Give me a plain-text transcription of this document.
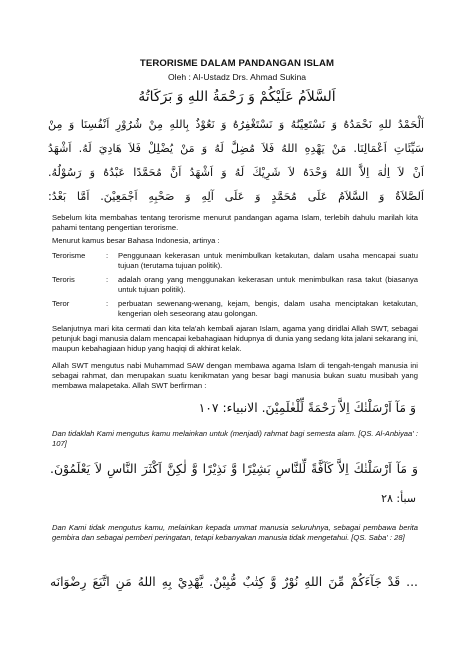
TERORISME DALAM PANDANGAN ISLAM
Oleh : Al-Ustadz Drs. Ahmad Sukina
اَلسَّلاَمُ عَلَيْكُمْ وَ رَحْمَةُ اللهِ وَ بَرَكَاتُهُ
اَلْحَمْدُ للهِ نَحْمَدُهُ وَ نَسْتَعِيْنُهُ وَ نَسْتَغْفِرُهُ وَ نَعُوْذُ بِاللهِ مِنْ شُرُوْرِ اَنْفُسِنَا وَ مِنْ
سَيِّئَاتِ اَعْمَالِنَا. مَنْ يَهْدِهِ اللهُ فَلاَ مُضِلَّ لَهُ وَ مَنْ يُضْلِلْ فَلاَ هَادِيَ لَهُ. اَشْهَدُ
اَنْ لاَ اِلٰهَ اِلاَّ اللهُ وَحْدَهُ لاَ شَرِيْكَ لَهُ وَ اَشْهَدُ اَنَّ مُحَمَّدًا عَبْدُهُ وَ رَسُوْلُهُ.
اَلصَّلاَةُ وَ السَّلاَمُ عَلَى مُحَمَّدٍ وَ عَلَى آلِهِ وَ صَحْبِهِ اَجْمَعِيْنَ. اَمَّا بَعْدُ:

Sebelum kita membahas tentang terorisme menurut pandangan agama Islam, terlebih dahulu marilah kita pahami tentang pengertian terorisme.

Menurut kamus besar Bahasa Indonesia, artinya :

Terorisme	:	Penggunaan kekerasan untuk menimbulkan ketakutan, dalam usaha mencapai suatu tujuan (terutama tujuan politik).
Teroris	:	adalah orang yang menggunakan kekerasan untuk menimbulkan rasa takut (biasanya untuk tujuan politik).
Teror	:	perbuatan sewenang-wenang, kejam, bengis, dalam usaha menciptakan ketakutan, kengerian oleh seseorang atau golongan.

Selanjutnya mari kita cermati dan kita tela'ah kembali ajaran Islam, agama yang diridlai Allah SWT, sebagai petunjuk bagi manusia dalam mencapai kebahagiaan hidupnya di dunia yang sedang kita jalani sekarang ini, maupun kebahagiaan hidup yang haqiqi di akhirat kelak.

Allah SWT mengutus nabi Muhammad SAW dengan membawa agama Islam di tengah-tengah manusia ini sebagai rahmat, dan merupakan suatu kenikmatan yang besar bagi manusia bukan suatu musibah yang membawa malapetaka. Allah SWT berfirman :

وَ مَآ اَرْسَلْنٰكَ اِلاَّ رَحْمَةً لِّلْعٰلَمِيْنَ. الانبياء: ١٠٧

Dan tidaklah Kami mengutus kamu melainkan untuk (menjadi) rahmat bagi semesta alam. [QS. Al-Anbiyaa' : 107]

وَ مَآ اَرْسَلْنٰكَ اِلاَّ كَآفَّةً لِّلنَّاسِ بَشِيْرًا وَّ نَذِيْرًا وَّ لٰكِنَّ اَكْثَرَ النَّاسِ لاَ يَعْلَمُوْنَ.
سبأ: ٢٨

Dan Kami tidak mengutus kamu, melainkan kepada ummat manusia seluruhnya, sebagai pembawa berita gembira dan sebagai pemberi peringatan, tetapi kebanyakan manusia tidak mengetahui. [QS. Saba' : 28]

... قَدْ جَآءَكُمْ مِّنَ اللهِ نُوْرٌ وَّ كِتٰبٌ مُّبِيْنٌ. يَّهْدِيْ بِهِ اللهُ مَنِ اتَّبَعَ رِضْوَانَه
